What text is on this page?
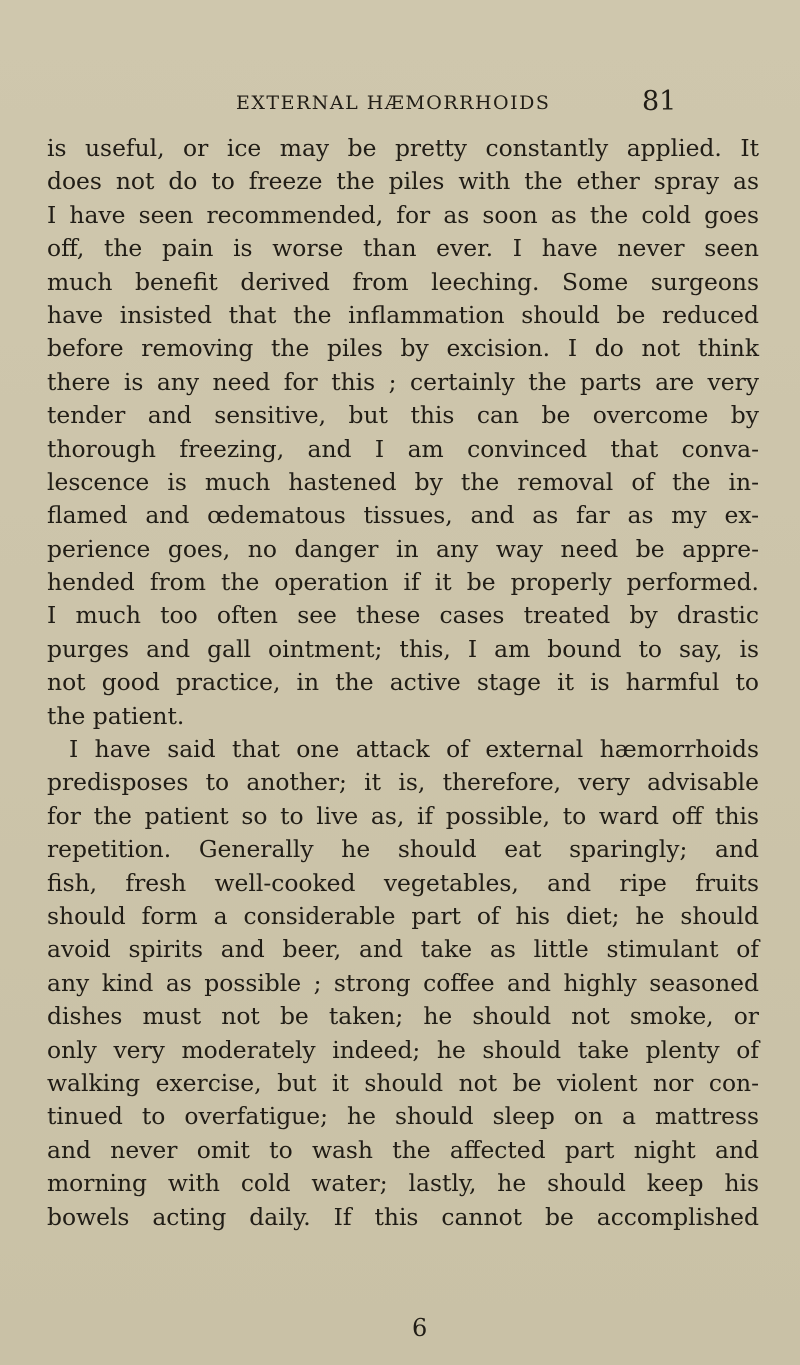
EXTERNAL HÆMORRHOIDS	81
is useful, or ice may be pretty constantly applied. It
does not do to freeze the piles with the ether spray as
I have seen recommended, for as soon as the cold goes
off, the pain is worse than ever. I have never seen
much benefit derived from leeching. Some surgeons
have insisted that the inflammation should be reduced
before removing the piles by excision. I do not think
there is any need for this ; certainly the parts are very
tender and sensitive, but this can be overcome by
thorough freezing, and I am convinced that conva-
lescence is much hastened by the removal of the in-
flamed and œdematous tissues, and as far as my ex-
perience goes, no danger in any way need be appre-
hended from the operation if it be properly performed.
I much too often see these cases treated by drastic
purges and gall ointment; this, I am bound to say, is
not good practice, in the active stage it is harmful to
the patient.
I have said that one attack of external hæmorrhoids
predisposes to another; it is, therefore, very advisable
for the patient so to live as, if possible, to ward off this
repetition. Generally he should eat sparingly; and
fish, fresh well-cooked vegetables, and ripe fruits
should form a considerable part of his diet; he should
avoid spirits and beer, and take as little stimulant of
any kind as possible ; strong coffee and highly seasoned
dishes must not be taken; he should not smoke, or
only very moderately indeed; he should take plenty of
walking exercise, but it should not be violent nor con-
tinued to overfatigue; he should sleep on a mattress
and never omit to wash the affected part night and
morning with cold water; lastly, he should keep his
bowels acting daily. If this cannot be accomplished
6
